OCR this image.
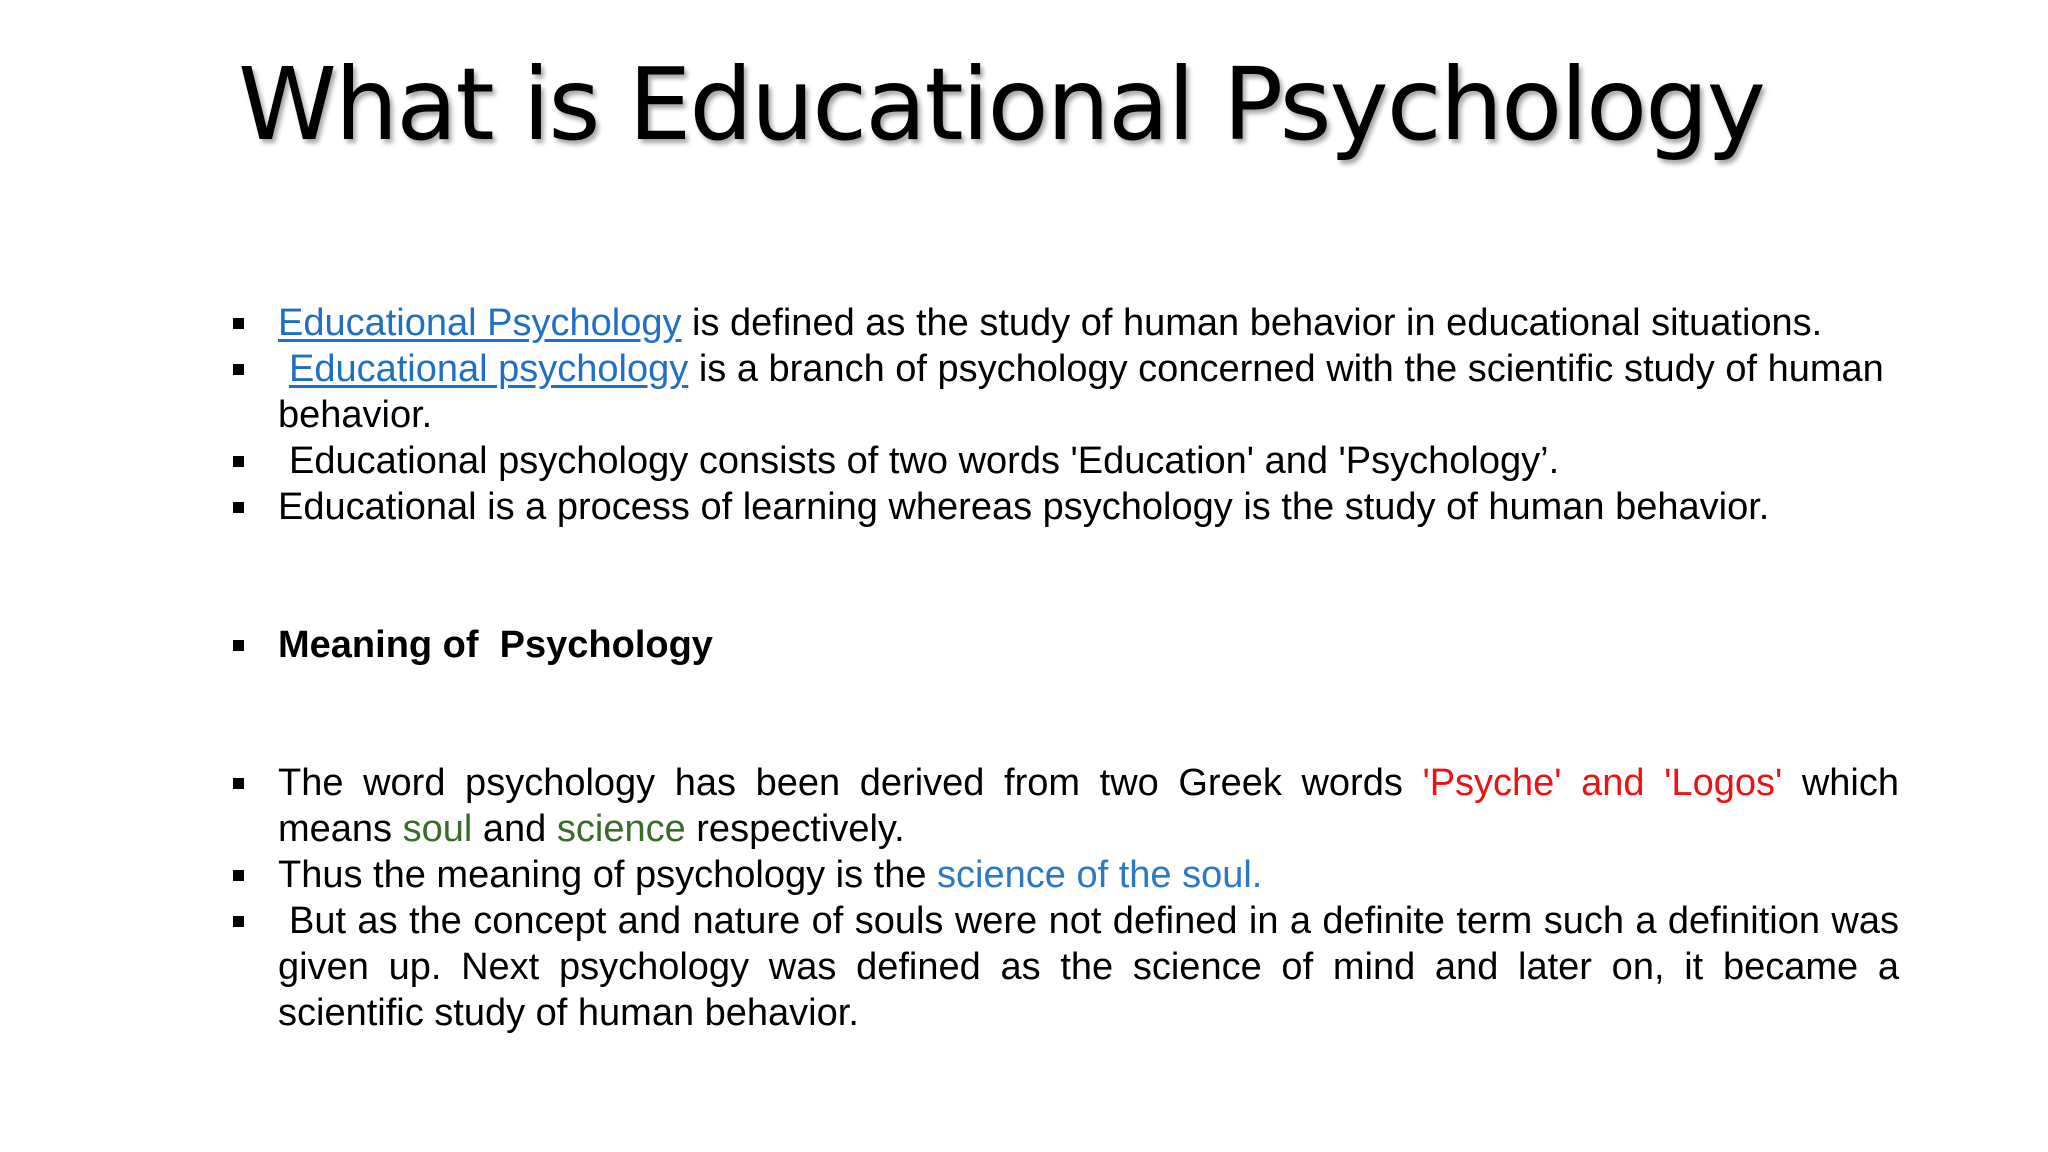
What is Educational Psychology
Educational Psychology is defined as the study of human behavior in educational situations.
Educational psychology is a branch of psychology concerned with the scientific study of human behavior.
Educational psychology consists of two words 'Education' and 'Psychology’.
Educational is a process of learning whereas psychology is the study of human behavior.
Meaning of  Psychology
The word psychology has been derived from two Greek words 'Psyche' and 'Logos' which means soul and science respectively.
Thus the meaning of psychology is the science of the soul.
But as the concept and nature of souls were not defined in a definite term such a definition was given up. Next psychology was defined as the science of mind and later on, it became a scientific study of human behavior.
